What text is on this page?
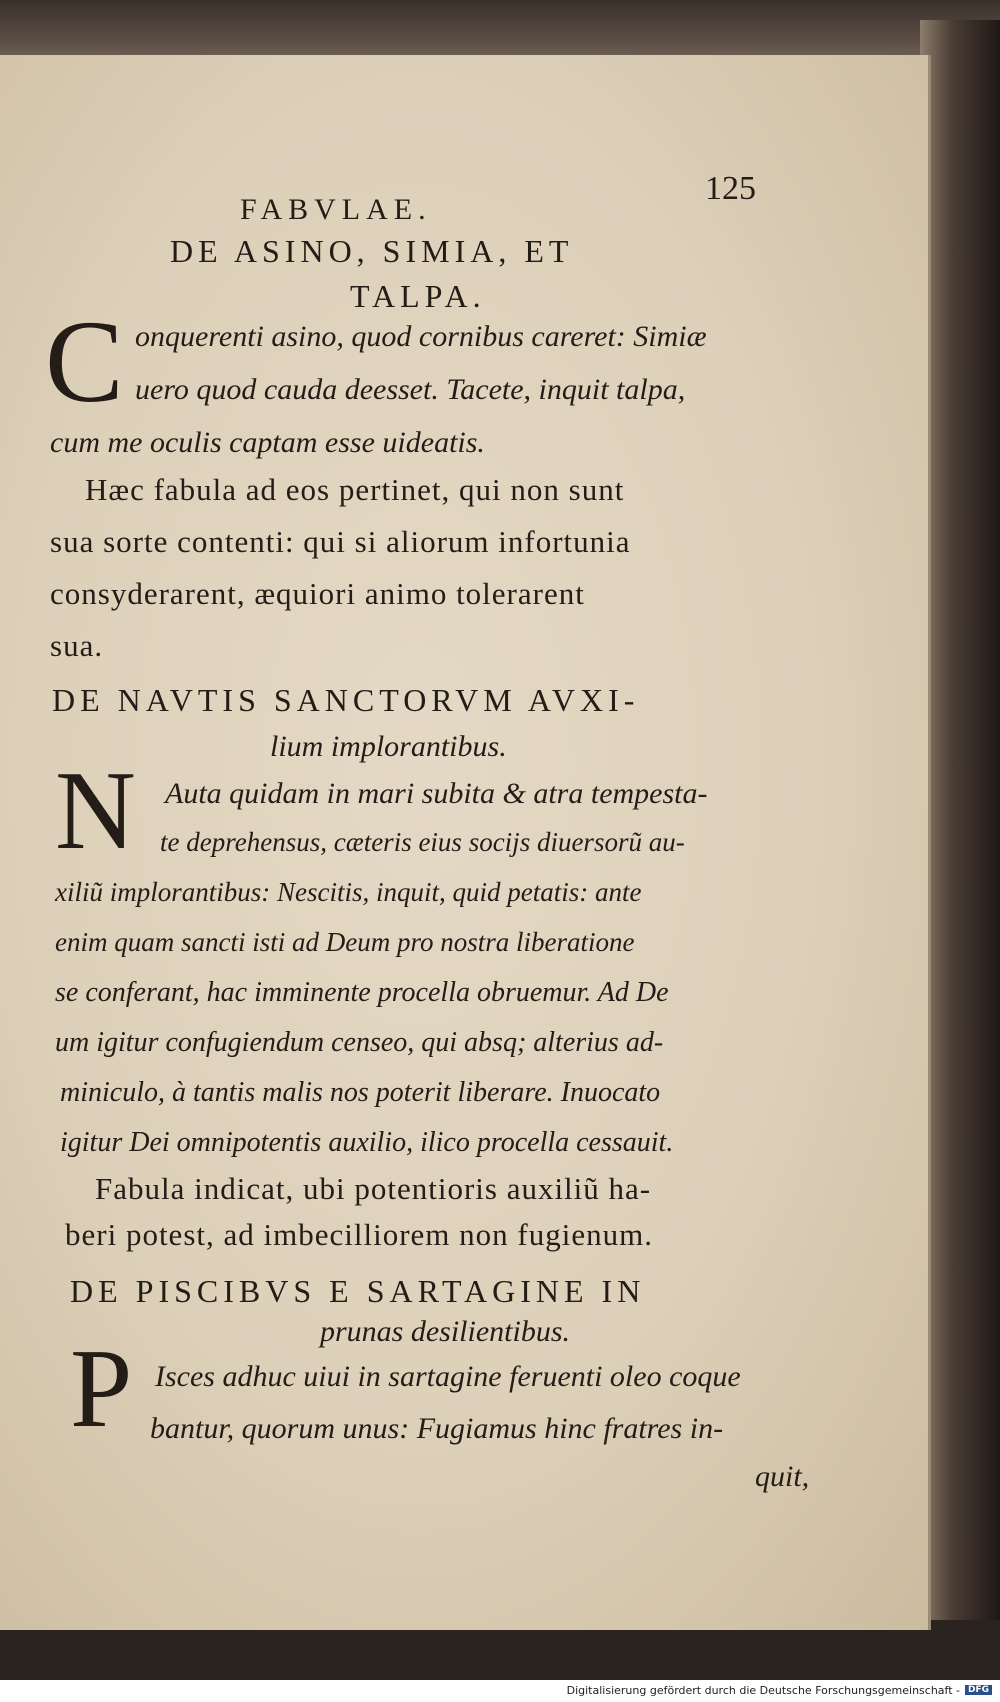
FABVLAE.
125
DE ASINO, SIMIA, ET
TALPA.
C onquerenti asino, quod cornibus careret: Simiæ
uero quod cauda deesset. Tacete, inquit talpa,
cum me oculis captam esse uideatis.
Hæc fabula ad eos pertinet, qui non sunt
sua sorte contenti: qui si aliorum infortunia
consyderarent, æquiori animo tolerarent
sua.
DE NAVTIS SANCTORVM AVXI-
lium implorantibus.
N Auta quidam in mari subita & atra tempesta-
te deprehensus, cæteris eius socijs diuersorũ au-
xiliũ implorantibus: Nescitis, inquit, quid petatis: ante
enim quam sancti isti ad Deum pro nostra liberatione
se conferant, hac imminente procella obruemur. Ad De
um igitur confugiendum censeo, qui absq; alterius ad-
miniculo, à tantis malis nos poterit liberare. Inuocato
igitur Dei omnipotentis auxilio, ilico procella cessauit.
Fabula indicat, ubi potentioris auxiliũ ha-
beri potest, ad imbecilliorem non fugienum.
DE PISCIBVS E SARTAGINE IN
prunas desilientibus.
P Isces adhuc uiui in sartagine feruenti oleo coque
bantur, quorum unus: Fugiamus hinc fratres in-
quit,
Digitalisierung gefördert durch die Deutsche Forschungsgemeinschaft - DFG
